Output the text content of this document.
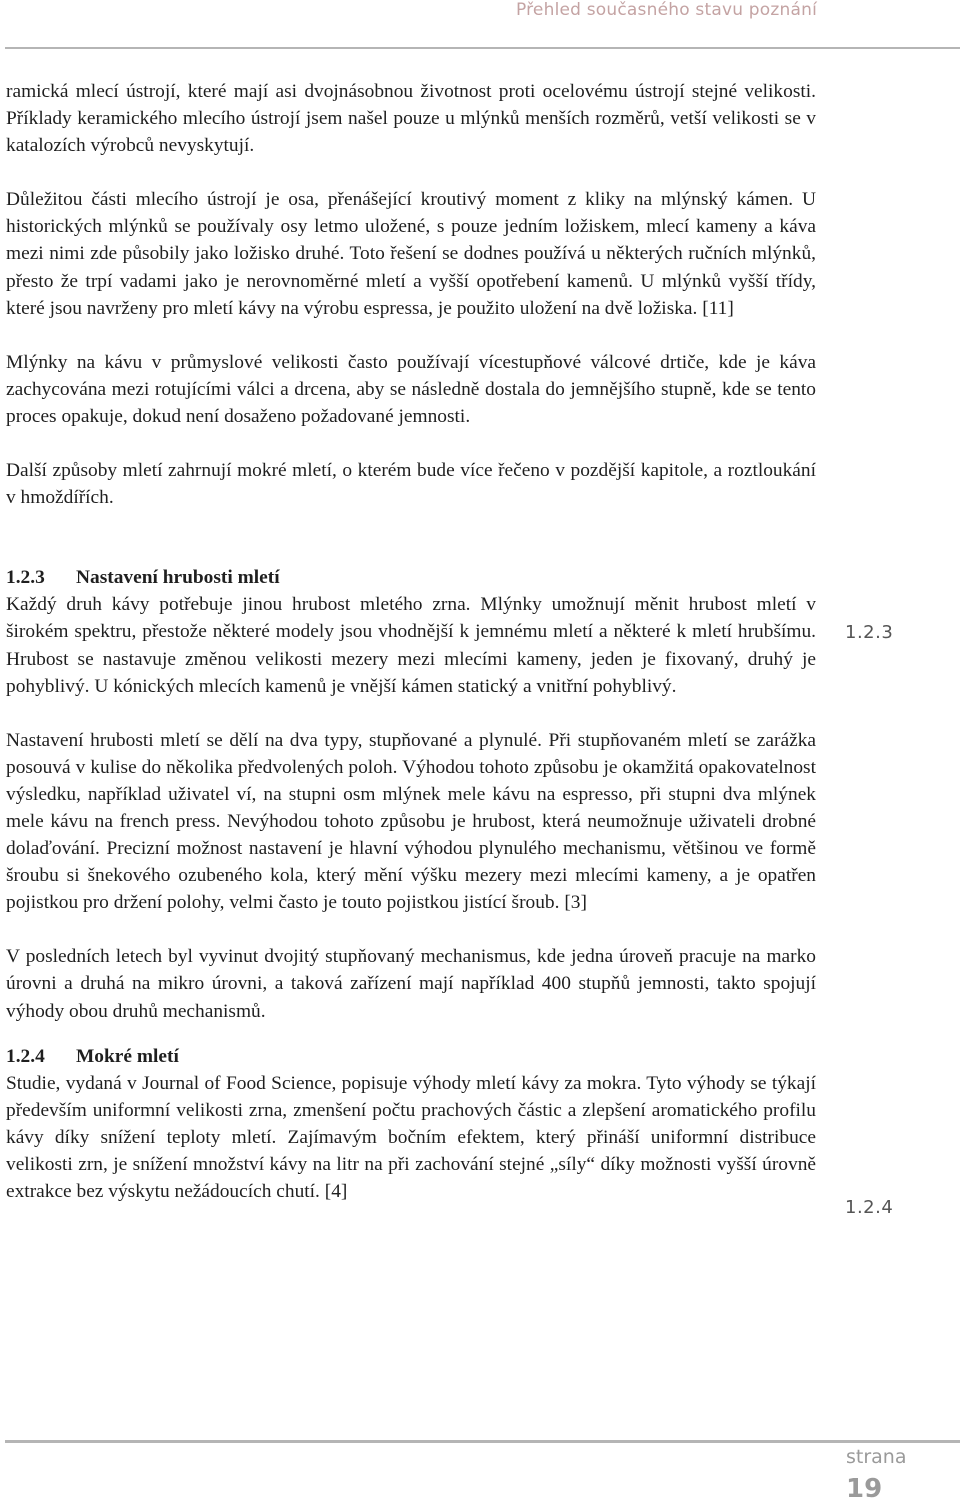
Přehled současného stavu poznání

ramická mlecí ústrojí, které mají asi dvojnásobnou životnost proti ocelovému ústrojí stejné velikosti. Příklady keramického mlecího ústrojí jsem našel pouze u mlýnků menších rozměrů, vetší velikosti se v katalozích výrobců nevyskytují.

Důležitou části mlecího ústrojí je osa, přenášející kroutivý moment z kliky na mlýnský kámen. U historických mlýnků se používaly osy letmo uložené, s pouze jedním ložiskem, mlecí kameny a káva mezi nimi zde působily jako ložisko druhé. Toto řešení se dodnes používá u některých ručních mlýnků, přesto že trpí vadami jako je nerovnoměrné mletí a vyšší opotřebení kamenů. U mlýnků vyšší třídy, které jsou navrženy pro mletí kávy na výrobu espressa, je použito uložení na dvě ložiska. [11]

Mlýnky na kávu v průmyslové velikosti často používají vícestupňové válcové drtiče, kde je káva zachycována mezi rotujícími válci a drcena, aby se následně dostala do jemnějšího stupně, kde se tento proces opakuje, dokud není dosaženo požadované jemnosti.

Další způsoby mletí zahrnují mokré mletí, o kterém bude více řečeno v pozdější kapitole, a roztloukání v hmoždířích.

1.2.3 Nastavení hrubosti mletí

Každý druh kávy potřebuje jinou hrubost mletého zrna. Mlýnky umožnují měnit hrubost mletí v širokém spektru, přestože některé modely jsou vhodnější k jemnému mletí a některé k mletí hrubšímu. Hrubost se nastavuje změnou velikosti mezery mezi mlecími kameny, jeden je fixovaný, druhý je pohyblivý. U kónických mlecích kamenů je vnější kámen statický a vnitřní pohyblivý.

Nastavení hrubosti mletí se dělí na dva typy, stupňované a plynulé. Při stupňovaném mletí se zarážka posouvá v kulise do několika předvolených poloh. Výhodou tohoto způsobu je okamžitá opakovatelnost výsledku, například uživatel ví, na stupni osm mlýnek mele kávu na espresso, při stupni dva mlýnek mele kávu na french press. Nevýhodou tohoto způsobu je hrubost, která neumožnuje uživateli drobné dolaďování. Precizní možnost nastavení je hlavní výhodou plynulého mechanismu, většinou ve formě šroubu si šnekového ozubeného kola, který mění výšku mezery mezi mlecími kameny, a je opatřen pojistkou pro držení polohy, velmi často je touto pojistkou jistící šroub. [3]

V posledních letech byl vyvinut dvojitý stupňovaný mechanismus, kde jedna úroveň pracuje na marko úrovni a druhá na mikro úrovni, a taková zařízení mají například 400 stupňů jemnosti, takto spojují výhody obou druhů mechanismů.

1.2.4 Mokré mletí

Studie, vydaná v Journal of Food Science, popisuje výhody mletí kávy za mokra. Tyto výhody se týkají především uniformní velikosti zrna, zmenšení počtu prachových částic a zlepšení aromatického profilu kávy díky snížení teploty mletí. Zajímavým bočním efektem, který přináší uniformní distribuce velikosti zrn, je snížení množství kávy na litr na při zachování stejné „síly“ díky možnosti vyšší úrovně extrakce bez výskytu nežádoucích chutí. [4]

1.2.3
1.2.4
strana
19
